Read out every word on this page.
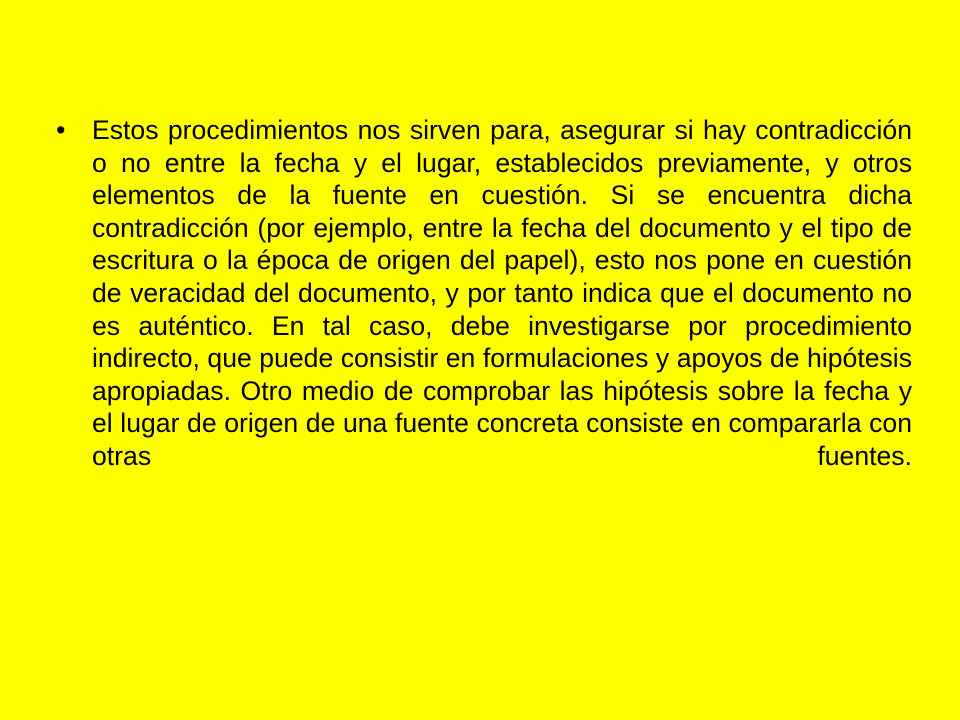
• Estos procedimientos nos sirven para, asegurar si hay contradicción o no entre la fecha y el lugar, establecidos previamente, y otros elementos de la fuente en cuestión. Si se encuentra dicha contradicción (por ejemplo, entre la fecha del documento y el tipo de escritura o la época de origen del papel), esto nos pone en cuestión de veracidad del documento, y por tanto indica que el documento no es auténtico. En tal caso, debe investigarse por procedimiento indirecto, que puede consistir en formulaciones y apoyos de hipótesis apropiadas. Otro medio de comprobar las hipótesis sobre la fecha y el lugar de origen de una fuente concreta consiste en compararla con otras fuentes.
